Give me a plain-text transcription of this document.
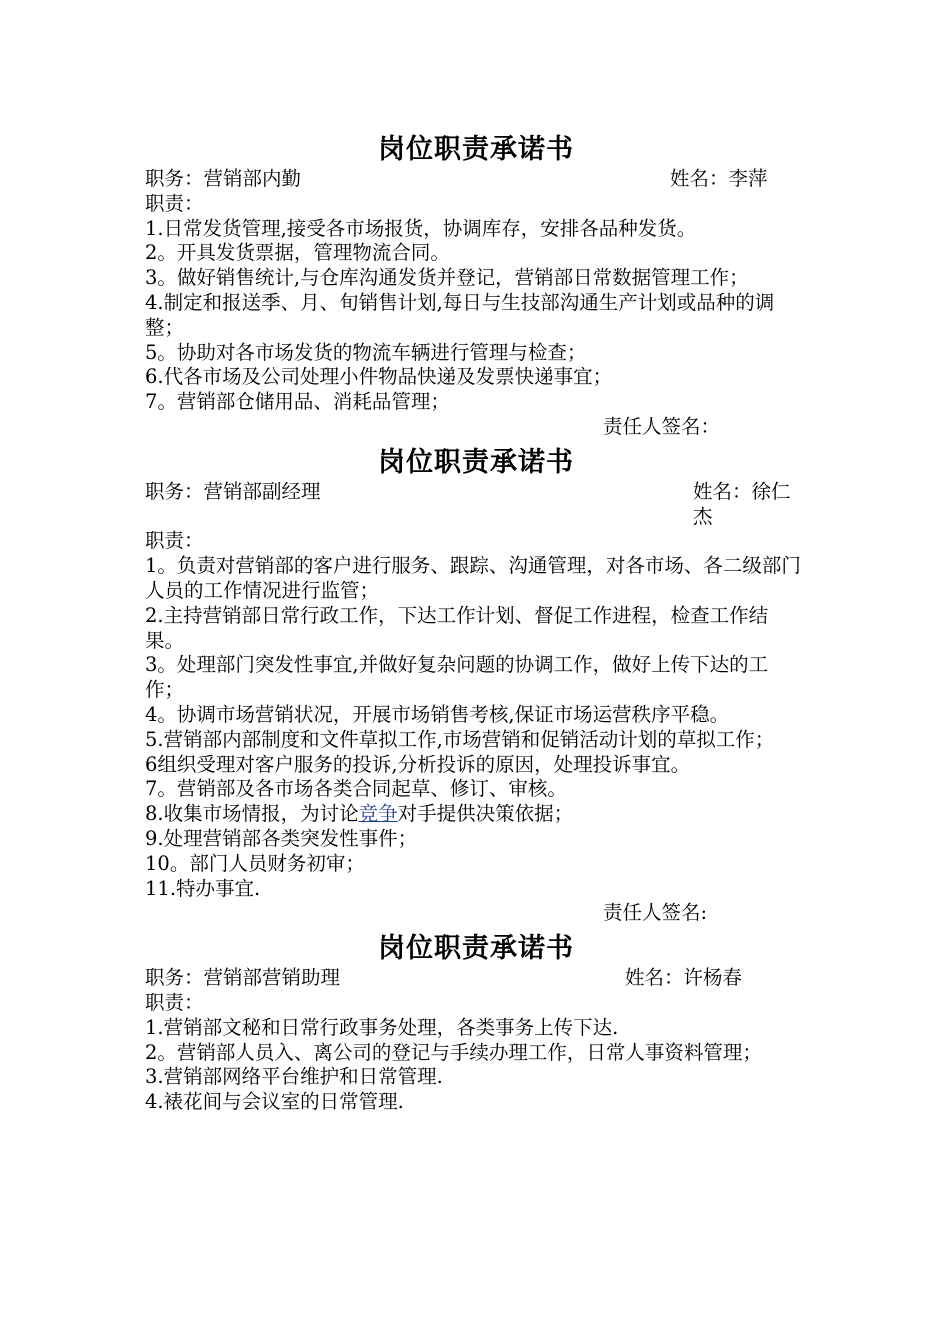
岗位职责承诺书
职务：营销部内勤	姓名：李萍

职责：

1.日常发货管理,接受各市场报货，协调库存，安排各品种发货。

2。开具发货票据，管理物流合同。

3。做好销售统计,与仓库沟通发货并登记，营销部日常数据管理工作；

4.制定和报送季、月、旬销售计划,每日与生技部沟通生产计划或品种的调整；

5。协助对各市场发货的物流车辆进行管理与检查；

6.代各市场及公司处理小件物品快递及发票快递事宜；

7。营销部仓储用品、消耗品管理；

责任人签名：

岗位职责承诺书
职务：营销部副经理	姓名：徐仁杰

职责：

1。负责对营销部的客户进行服务、跟踪、沟通管理，对各市场、各二级部门人员的工作情况进行监管；

2.主持营销部日常行政工作，下达工作计划、督促工作进程，检查工作结果。

3。处理部门突发性事宜,并做好复杂问题的协调工作，做好上传下达的工作；

4。协调市场营销状况，开展市场销售考核,保证市场运营秩序平稳。

5.营销部内部制度和文件草拟工作,市场营销和促销活动计划的草拟工作；

6组织受理对客户服务的投诉,分析投诉的原因，处理投诉事宜。

7。营销部及各市场各类合同起草、修订、审核。

8.收集市场情报，为讨论竞争对手提供决策依据；

9.处理营销部各类突发性事件；

10。部门人员财务初审；

11.特办事宜.

责任人签名:

岗位职责承诺书
职务：营销部营销助理	姓名：许杨春

职责：

1.营销部文秘和日常行政事务处理，各类事务上传下达.

2。营销部人员入、离公司的登记与手续办理工作，日常人事资料管理；

3.营销部网络平台维护和日常管理.

4.裱花间与会议室的日常管理.
